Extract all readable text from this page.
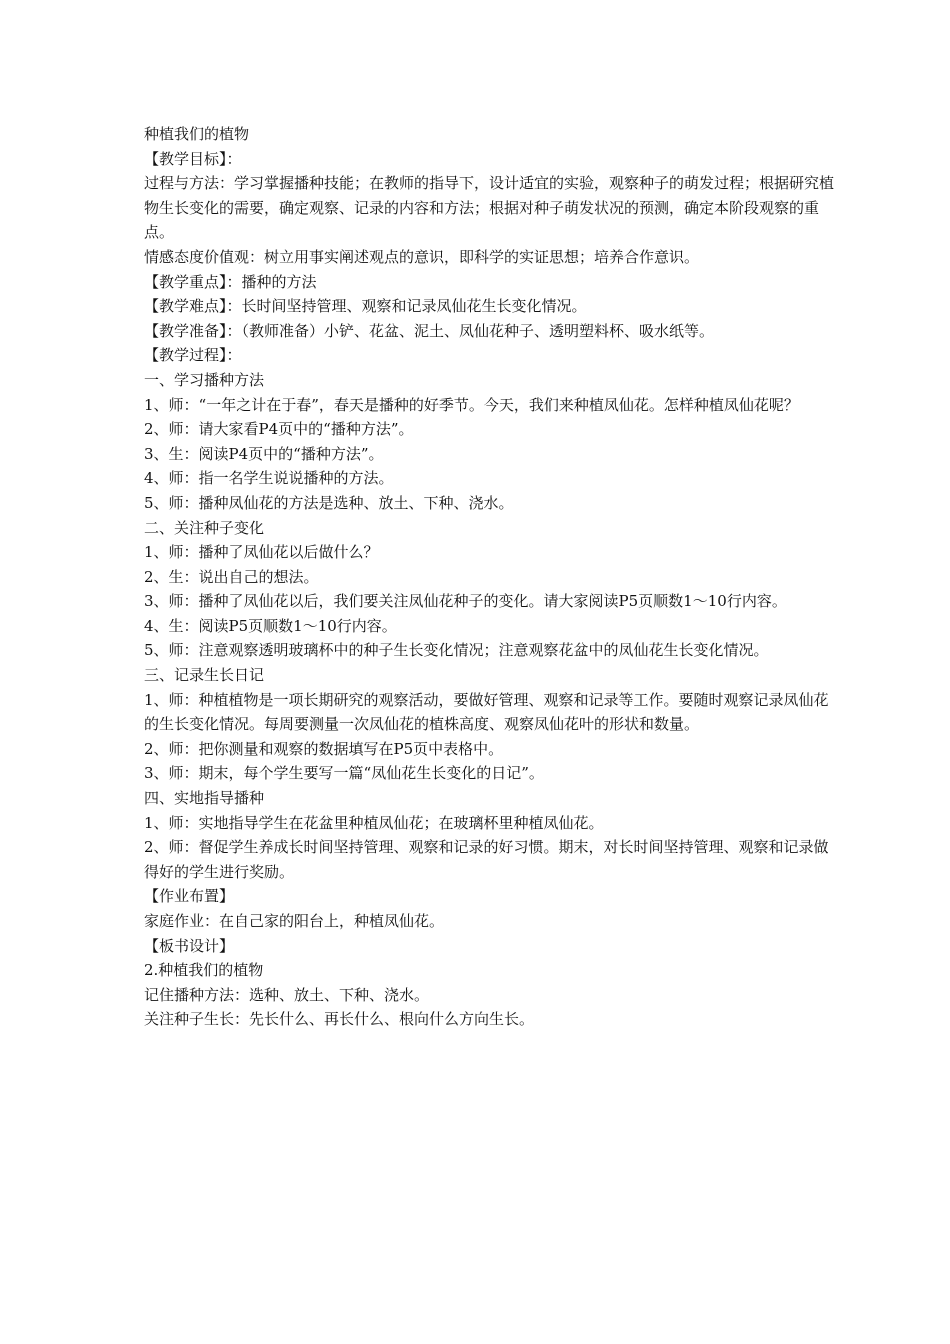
种植我们的植物

【教学目标】：

过程与方法：学习掌握播种技能；在教师的指导下，设计适宜的实验，观察种子的萌发过程；根据研究植物生长变化的需要，确定观察、记录的内容和方法；根据对种子萌发状况的预测，确定本阶段观察的重点。

情感态度价值观：树立用事实阐述观点的意识，即科学的实证思想；培养合作意识。

【教学重点】：播种的方法

【教学难点】：长时间坚持管理、观察和记录凤仙花生长变化情况。

【教学准备】：（教师准备）小铲、花盆、泥土、凤仙花种子、透明塑料杯、吸水纸等。

【教学过程】：

一、学习播种方法

1、师：“一年之计在于春”，春天是播种的好季节。今天，我们来种植凤仙花。怎样种植凤仙花呢？

2、师：请大家看P4页中的“播种方法”。

3、生：阅读P4页中的“播种方法”。

4、师：指一名学生说说播种的方法。

5、师：播种凤仙花的方法是选种、放土、下种、浇水。

二、关注种子变化

1、师：播种了凤仙花以后做什么？

2、生：说出自己的想法。

3、师：播种了凤仙花以后，我们要关注凤仙花种子的变化。请大家阅读P5页顺数1～10行内容。

4、生：阅读P5页顺数1～10行内容。

5、师：注意观察透明玻璃杯中的种子生长变化情况；注意观察花盆中的凤仙花生长变化情况。

三、记录生长日记

1、师：种植植物是一项长期研究的观察活动，要做好管理、观察和记录等工作。要随时观察记录凤仙花的生长变化情况。每周要测量一次凤仙花的植株高度、观察凤仙花叶的形状和数量。

2、师：把你测量和观察的数据填写在P5页中表格中。

3、师：期末，每个学生要写一篇“凤仙花生长变化的日记”。

四、实地指导播种

1、师：实地指导学生在花盆里种植凤仙花；在玻璃杯里种植凤仙花。

2、师：督促学生养成长时间坚持管理、观察和记录的好习惯。期末，对长时间坚持管理、观察和记录做得好的学生进行奖励。

【作业布置】

家庭作业：在自己家的阳台上，种植凤仙花。

【板书设计】

2.种植我们的植物

记住播种方法：选种、放土、下种、浇水。

关注种子生长：先长什么、再长什么、根向什么方向生长。
